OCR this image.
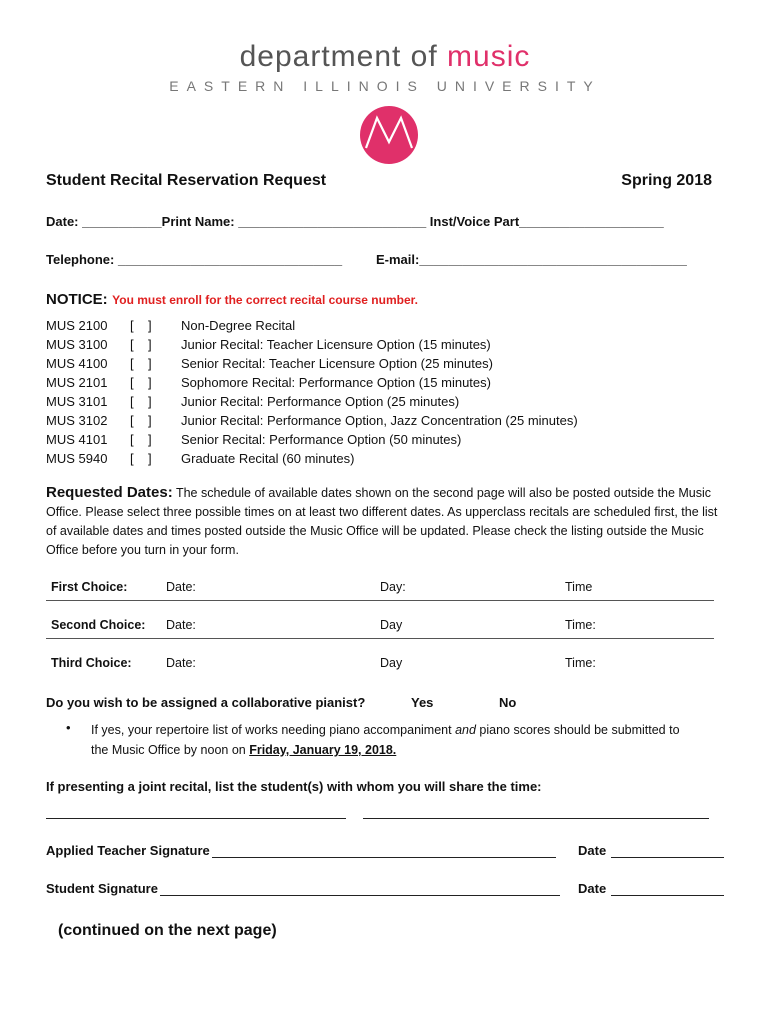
department of music
EASTERN ILLINOIS UNIVERSITY
Student Recital Reservation Request	Spring 2018
Date: ___________Print Name: __________________________ Inst/Voice Part____________________
Telephone: _______________________________	E-mail:_____________________________________
NOTICE: You must enroll for the correct recital course number.
MUS 2100 [    ] Non-Degree Recital
MUS 3100 [    ] Junior Recital: Teacher Licensure Option (15 minutes)
MUS 4100 [    ] Senior Recital: Teacher Licensure Option (25 minutes)
MUS 2101 [    ] Sophomore Recital: Performance Option (15 minutes)
MUS 3101 [    ] Junior Recital: Performance Option (25 minutes)
MUS 3102 [    ] Junior Recital: Performance Option, Jazz Concentration (25 minutes)
MUS 4101 [    ] Senior Recital: Performance Option (50 minutes)
MUS 5940 [    ] Graduate Recital (60 minutes)
Requested Dates: The schedule of available dates shown on the second page will also be posted outside the Music Office. Please select three possible times on at least two different dates. As upperclass recitals are scheduled first, the list of available dates and times posted outside the Music Office will be updated. Please check the listing outside the Music Office before you turn in your form.
First Choice:	Date:	Day:	Time
Second Choice: Date:	Day	Time:
Third Choice:	Date:	Day	Time:
Do you wish to be assigned a collaborative pianist?	Yes	No
• If yes, your repertoire list of works needing piano accompaniment and piano scores should be submitted to the Music Office by noon on Friday, January 19, 2018.
If presenting a joint recital, list the student(s) with whom you will share the time:
Applied Teacher Signature	Date
Student Signature	Date
(continued on the next page)
